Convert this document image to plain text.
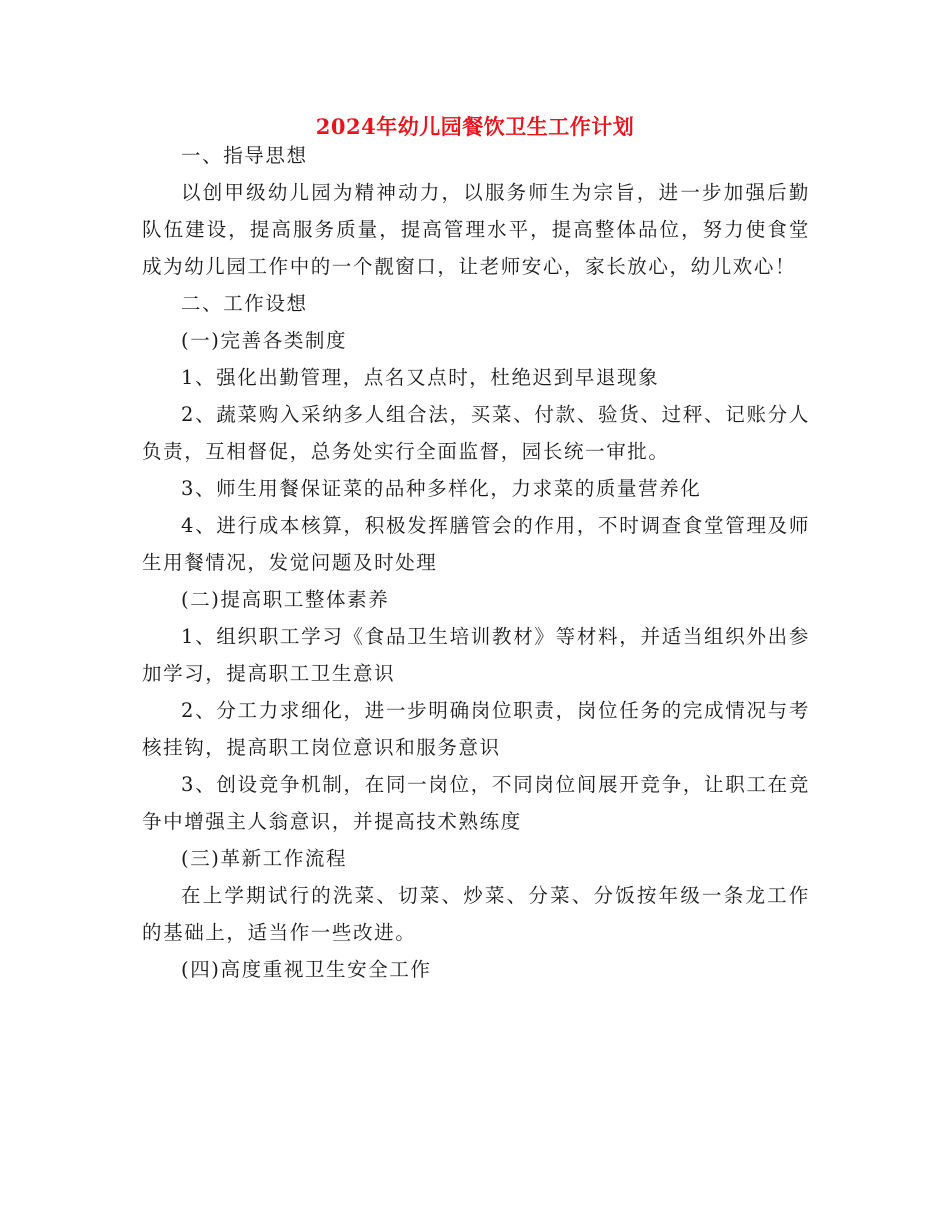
2024年幼儿园餐饮卫生工作计划

一、指导思想

以创甲级幼儿园为精神动力，以服务师生为宗旨，进一步加强后勤队伍建设，提高服务质量，提高管理水平，提高整体品位，努力使食堂成为幼儿园工作中的一个靓窗口，让老师安心，家长放心，幼儿欢心！

二、工作设想

(一)完善各类制度

1、强化出勤管理，点名又点时，杜绝迟到早退现象

2、蔬菜购入采纳多人组合法，买菜、付款、验货、过秤、记账分人负责，互相督促，总务处实行全面监督，园长统一审批。

3、师生用餐保证菜的品种多样化，力求菜的质量营养化

4、进行成本核算，积极发挥膳管会的作用，不时调查食堂管理及师生用餐情况，发觉问题及时处理

(二)提高职工整体素养

1、组织职工学习《食品卫生培训教材》等材料，并适当组织外出参加学习，提高职工卫生意识

2、分工力求细化，进一步明确岗位职责，岗位任务的完成情况与考核挂钩，提高职工岗位意识和服务意识

3、创设竞争机制，在同一岗位，不同岗位间展开竞争，让职工在竞争中增强主人翁意识，并提高技术熟练度

(三)革新工作流程

在上学期试行的洗菜、切菜、炒菜、分菜、分饭按年级一条龙工作的基础上，适当作一些改进。

(四)高度重视卫生安全工作
